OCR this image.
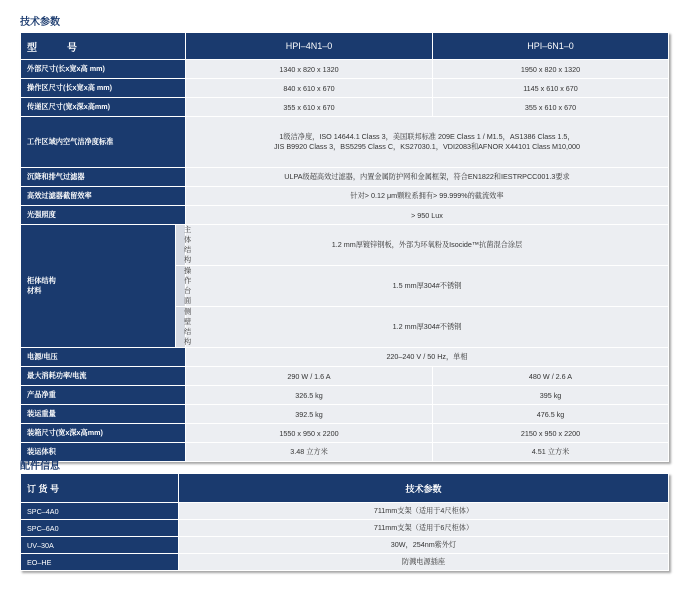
技术参数
型　号		HPI–4N1–0	HPI–6N1–0
外部尺寸(长x宽x高 mm)		1340 x 820 x 1320	1950 x 820 x 1320
操作区尺寸(长x宽x高 mm)		840 x 610 x 670	1145 x 610 x 670
传递区尺寸(宽x深x高mm)		355 x 610 x 670	355 x 610 x 670
工作区域内空气洁净度标准		1级洁净度，ISO 14644.1 Class 3，美国联邦标准 209E Class 1 / M1.5，AS1386 Class 1.5，
JIS B9920 Class 3，BS5295 Class C，KS27030.1，VDI2083和AFNOR X44101 Class M10,000	

沉降和排气过滤器		ULPA级超高效过滤器，内置金属防护网和金属框架，符合EN1822和IESTRPCC001.3要求	
高效过滤器截留效率		针对> 0.12 μm颗粒系拥有> 99.999%的截流效率	
光强照度		> 950 Lux	
柜体结构
材料	主体结构	1.2 mm厚镀锌钢板，外部为环氧粉及Isocide™抗菌混合涂层	
	操作台面	1.5 mm厚304#不锈钢	
	侧壁结构	1.2 mm厚304#不锈钢	
电源/电压		220–240 V / 50 Hz，单相	
最大消耗功率/电流		290 W / 1.6 A	480 W / 2.6 A
产品净重		326.5 kg	395 kg
装运重量		392.5 kg	476.5 kg
装箱尺寸(宽x深x高mm)		1550 x 950 x 2200	2150 x 950 x 2200
装运体积		3.48 立方米	4.51 立方米
配件信息
订 货 号	技术参数
SPC–4A0	711mm支架（适用于4尺柜体）
SPC–6A0	711mm支架（适用于6尺柜体）
UV–30A	30W，254nm紫外灯
EO–HE	防溅电源插座
